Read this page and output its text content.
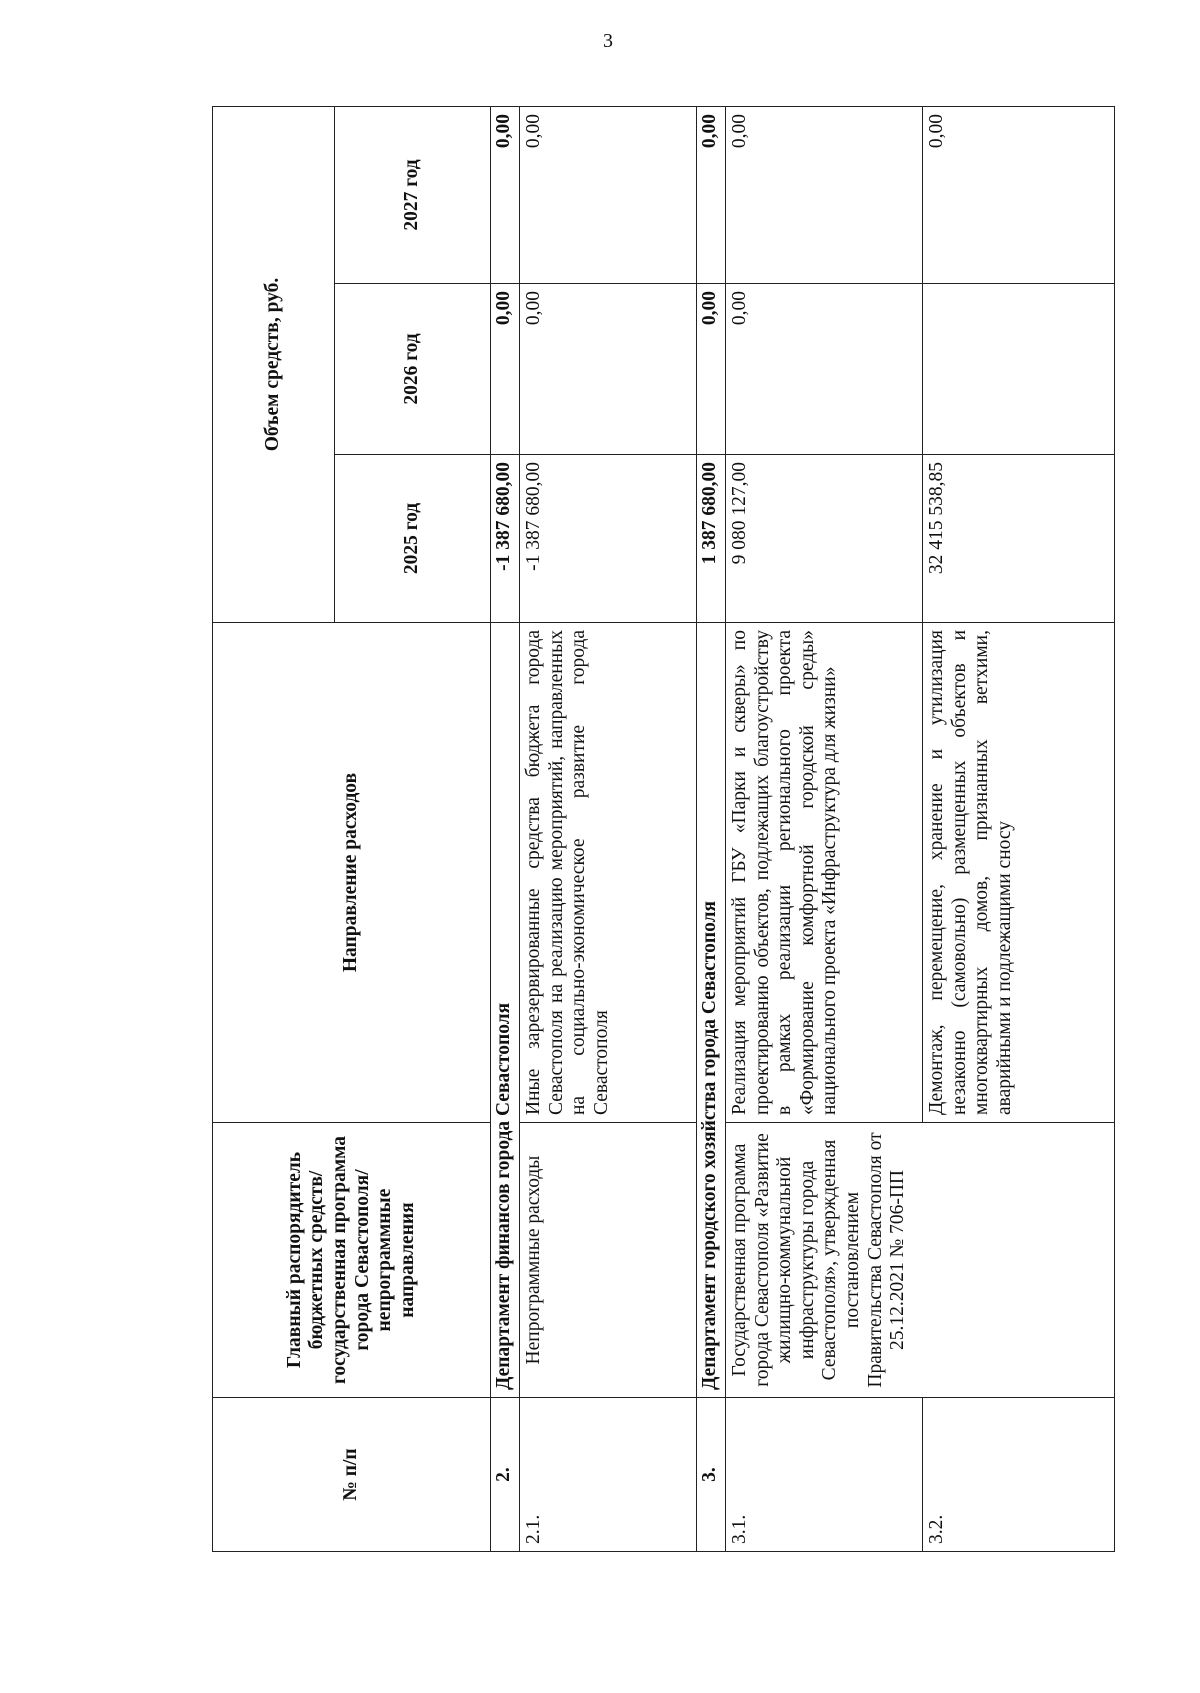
3
№ п/п	Главный распорядитель бюджетных средств/государственная программа города Севастополя/непрограммные направления	Направление расходов	Объем средств, руб.		
			2025 год	2026 год	2027 год
2.	Департамент финансов города Севастополя		-1 387 680,00	0,00	0,00
2.1.	Непрограммные расходы	Иные зарезервированные средства бюджета города Севастополя на реализацию мероприятий, направленных на социально-экономическое развитие города Севастополя	-1 387 680,00	0,00	0,00
3.	Департамент городского хозяйства города Севастополя		1 387 680,00	0,00	0,00
3.1.	Государственная программа города Севастополя «Развитие жилищно-коммунальной инфраструктуры города Севастополя», утвержденная постановлением Правительства Севастополя от 25.12.2021 № 706-ПП	Реализация мероприятий ГБУ «Парки и скверы» по проектированию объектов, подлежащих благоустройству в рамках реализации регионального проекта «Формирование комфортной городской среды» национального проекта «Инфраструктура для жизни»	9 080 127,00	0,00	0,00
3.2.		Демонтаж, перемещение, хранение и утилизация незаконно (самовольно) размещенных объектов и многоквартирных домов, признанных ветхими, аварийными и подлежащими сносу	32 415 538,85		0,00
